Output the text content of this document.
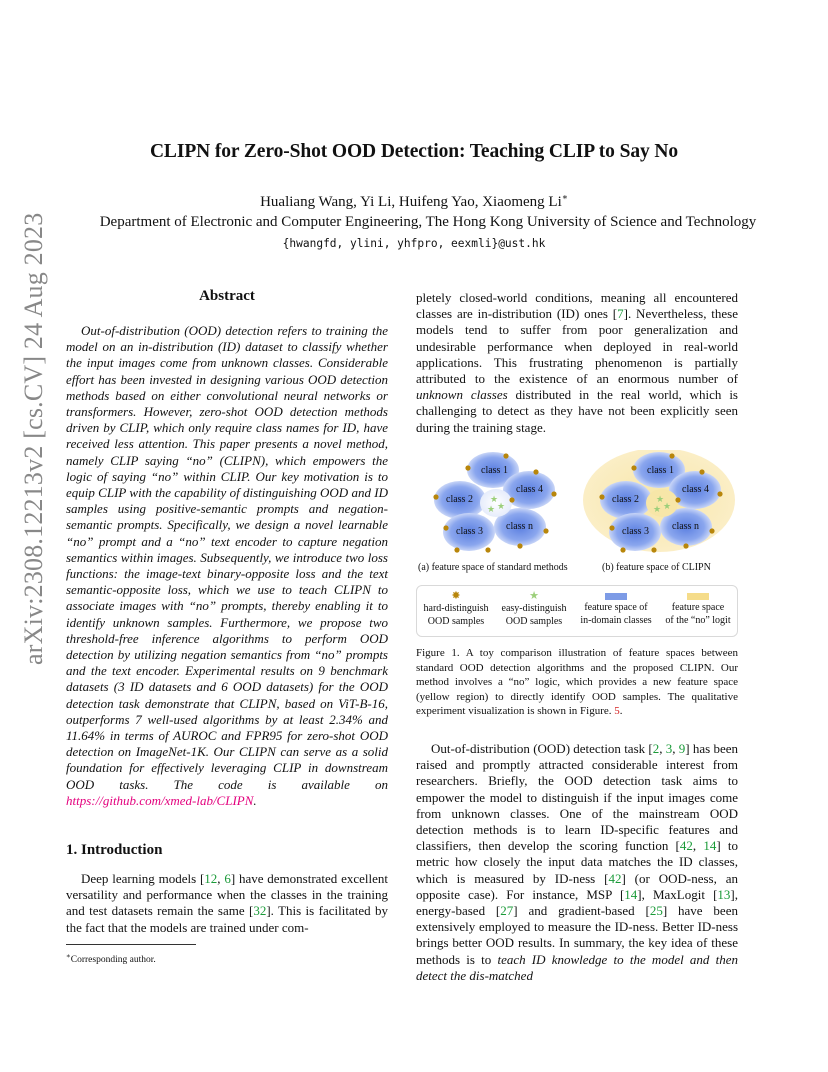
CLIPN for Zero-Shot OOD Detection: Teaching CLIP to Say No
Hualiang Wang, Yi Li, Huifeng Yao, Xiaomeng Li∗
Department of Electronic and Computer Engineering, The Hong Kong University of Science and Technology
{hwangfd, ylini, yhfpro, eexmli}@ust.hk
arXiv:2308.12213v2 [cs.CV] 24 Aug 2023	Abstract

Out-of-distribution (OOD) detection refers to training the model on an in-distribution (ID) dataset to classify whether the input images come from unknown classes. Considerable effort has been invested in designing various OOD detection methods based on either convolutional neural networks or transformers. However, zero-shot OOD detection methods driven by CLIP, which only require class names for ID, have received less attention. This paper presents a novel method, namely CLIP saying “no” (CLIPN), which empowers the logic of saying “no” within CLIP. Our key motivation is to equip CLIP with the capability of distinguishing OOD and ID samples using positive-semantic prompts and negation-semantic prompts. Specifically, we design a novel learnable “no” prompt and a “no” text encoder to capture negation semantics within images. Subsequently, we introduce two loss functions: the image-text binary-opposite loss and the text semantic-opposite loss, which we use to teach CLIPN to associate images with “no” prompts, thereby enabling it to identify unknown samples. Furthermore, we propose two threshold-free inference algorithms to perform OOD detection by utilizing negation semantics from “no” prompts and the text encoder. Experimental results on 9 benchmark datasets (3 ID datasets and 6 OOD datasets) for the OOD detection task demonstrate that CLIPN, based on ViT-B-16, outperforms 7 well-used algorithms by at least 2.34% and 11.64% in terms of AUROC and FPR95 for zero-shot OOD detection on ImageNet-1K. Our CLIPN can serve as a solid foundation for effectively leveraging CLIP in downstream OOD tasks. The code is available on https://github.com/xmed-lab/CLIPN.

1. Introduction

Deep learning models [12, 6] have demonstrated excellent versatility and performance when the classes in the training and test datasets remain the same [32]. This is facilitated by the fact that the models are trained under com-

∗Corresponding author.

pletely closed-world conditions, meaning all encountered classes are in-distribution (ID) ones [7]. Nevertheless, these models tend to suffer from poor generalization and undesirable performance when deployed in real-world applications. This frustrating phenomenon is partially attributed to the existence of an enormous number of unknown classes distributed in the real world, which is challenging to detect as they have not been explicitly seen during the training stage.

★
★
★
class 1
class 2
class 4
class 3 class n
★
★
★
class 1
class 2
class 4
class 3 class n
(a) feature space of standard methods	(b) feature space of CLIPN
✸
hard-distinguish
OOD samples
★
easy-distinguish
OOD samples
feature space of
in-domain classes
feature space
of the “no” logit
Figure 1. A toy comparison illustration of feature spaces between standard OOD detection algorithms and the proposed CLIPN. Our method involves a “no” logic, which provides a new feature space (yellow region) to directly identify OOD samples. The qualitative experiment visualization is shown in Figure. 5.

Out-of-distribution (OOD) detection task [2, 3, 9] has been raised and promptly attracted considerable interest from researchers. Briefly, the OOD detection task aims to empower the model to distinguish if the input images come from unknown classes. One of the mainstream OOD detection methods is to learn ID-specific features and classifiers, then develop the scoring function [42, 14] to metric how closely the input data matches the ID classes, which is measured by ID-ness [42] (or OOD-ness, an opposite case). For instance, MSP [14], MaxLogit [13], energy-based [27] and gradient-based [25] have been extensively employed to measure the ID-ness. Better ID-ness brings better OOD results. In summary, the key idea of these methods is to teach ID knowledge to the model and then detect the dis-matched
